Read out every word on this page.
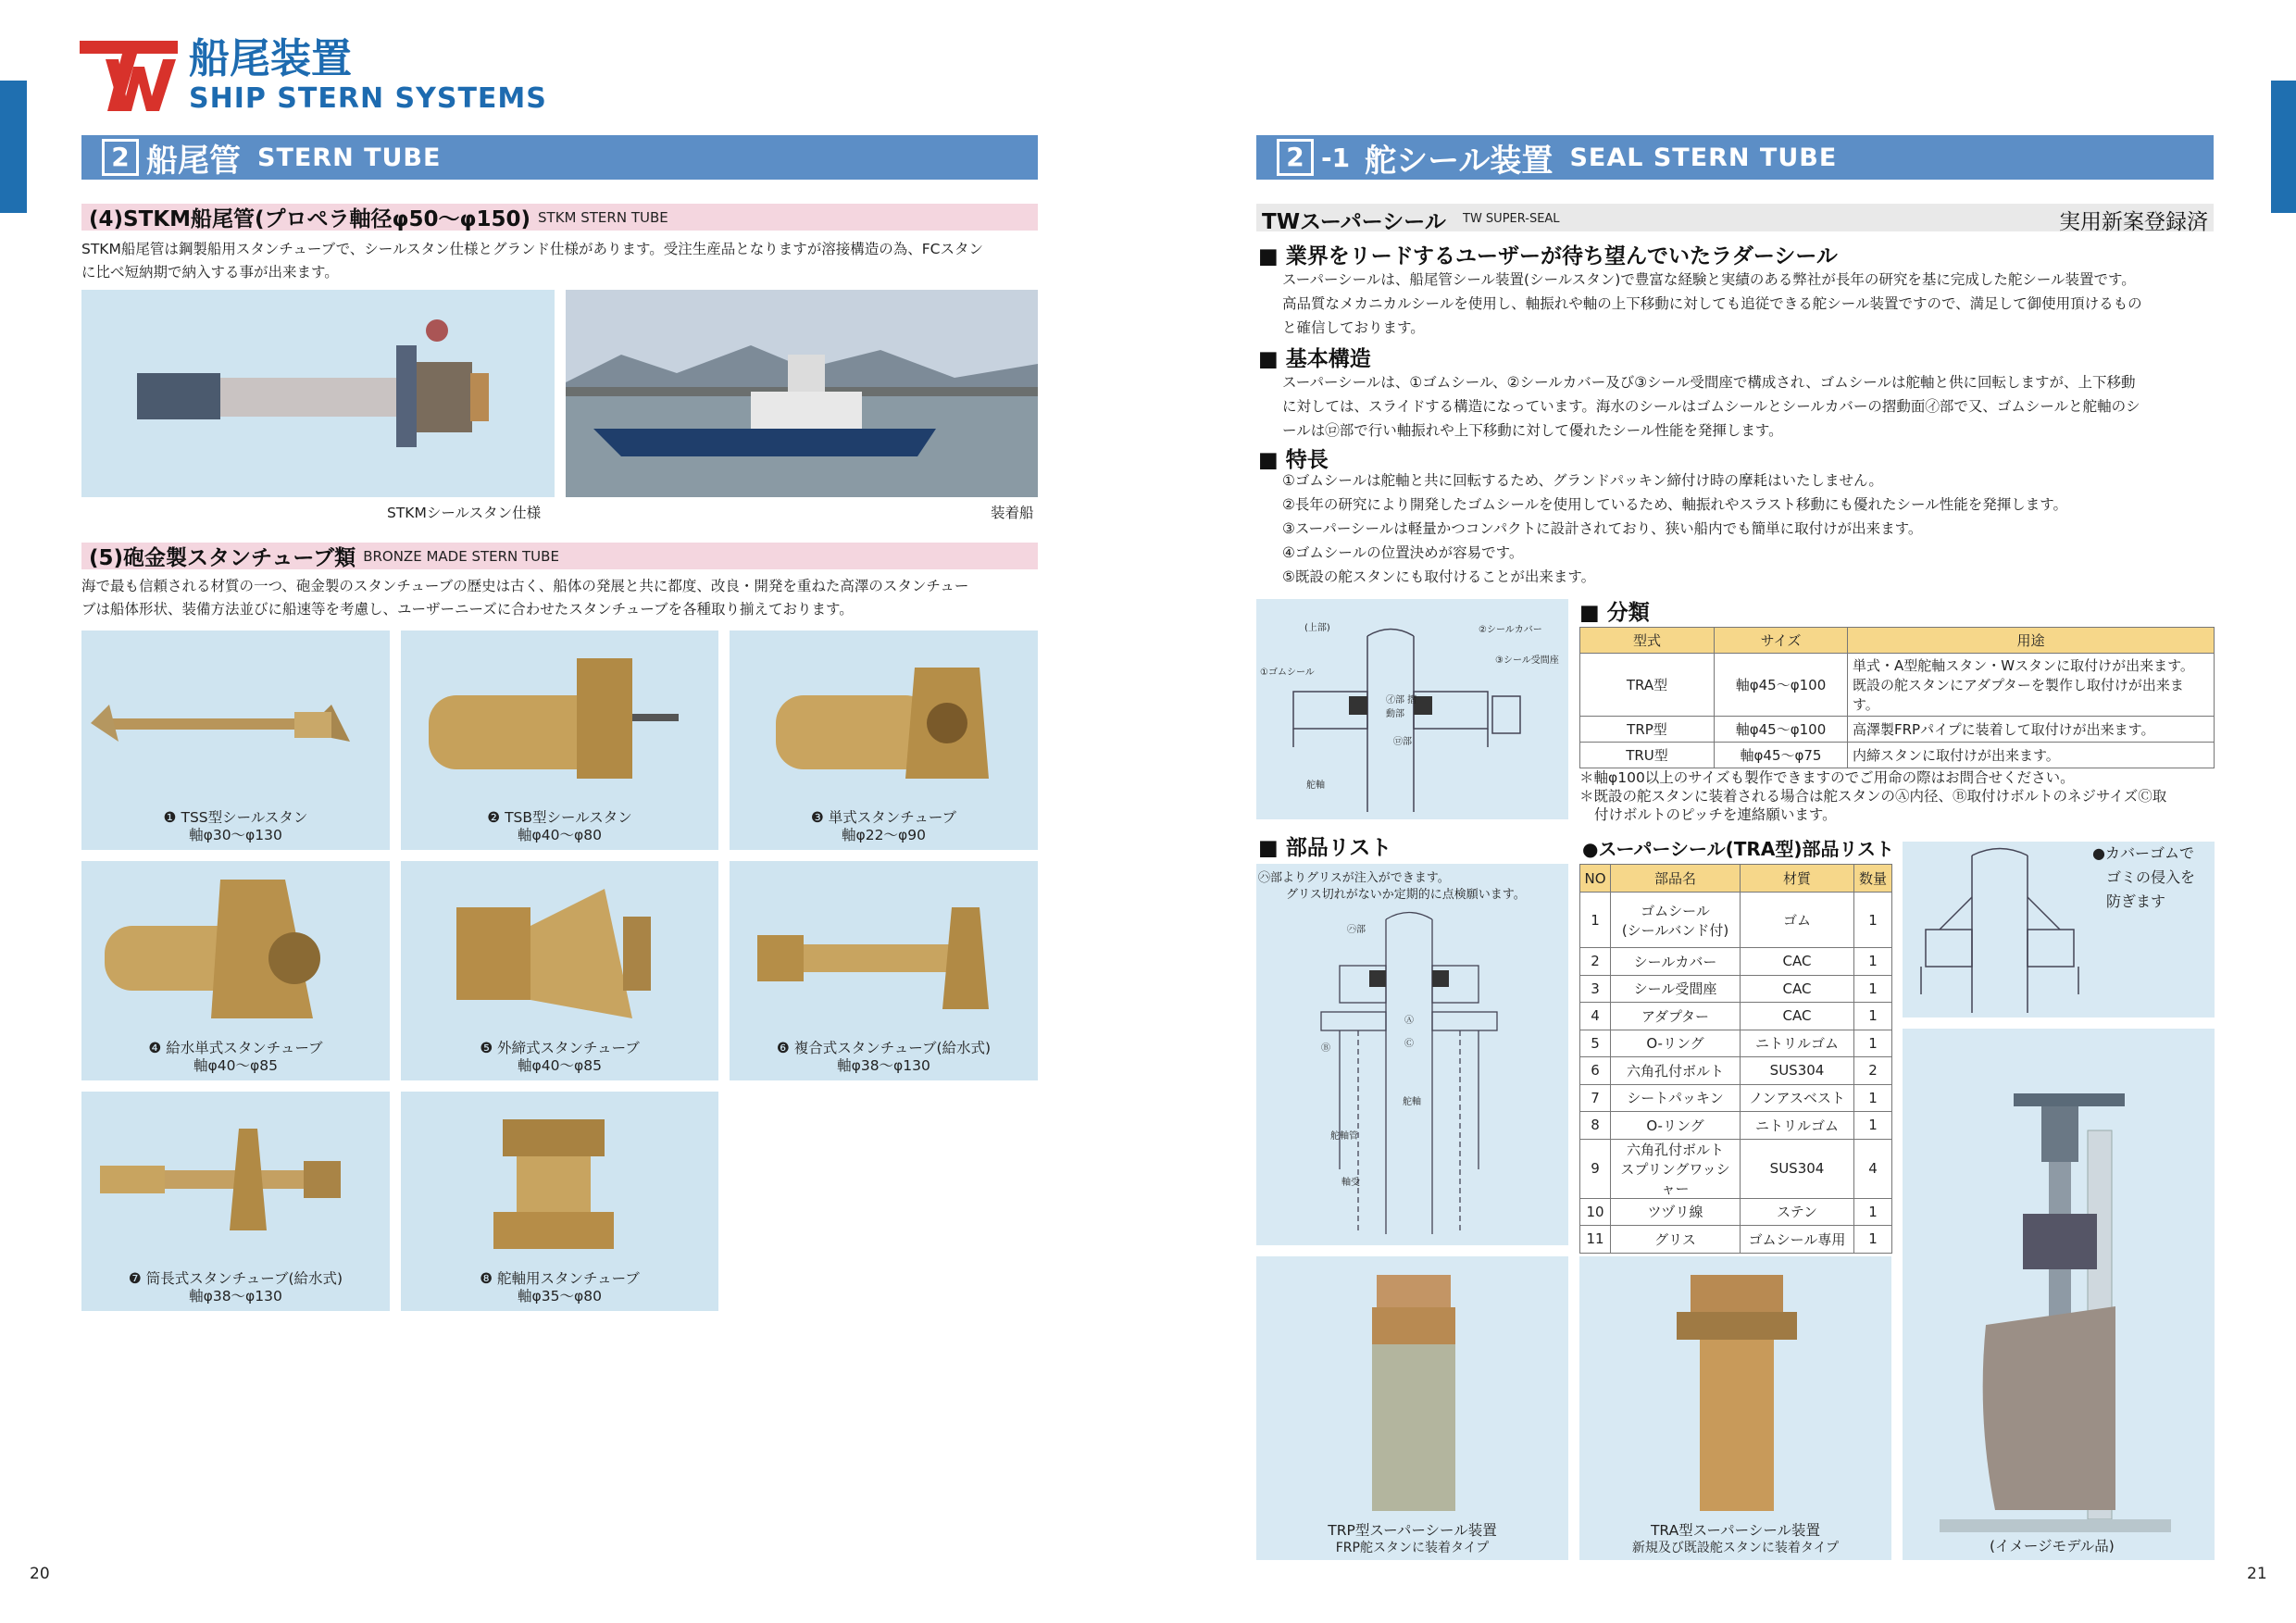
船尾装置
SHIP STERN SYSTEMS
2 船尾管 STERN TUBE
(4)STKM船尾管(プロペラ軸径φ50〜φ150) STKM STERN TUBE
STKM船尾管は鋼製船用スタンチューブで、シールスタン仕様とグランド仕様があります。受注生産品となりますが溶接構造の為、FCスタン
に比べ短納期で納入する事が出来ます。
STKMシールスタン仕様	装着船
(5)砲金製スタンチューブ類 BRONZE MADE STERN TUBE
海で最も信頼される材質の一つ、砲金製のスタンチューブの歴史は古く、船体の発展と共に都度、改良・開発を重ねた高澤のスタンチュー
ブは船体形状、装備方法並びに船速等を考慮し、ユーザーニーズに合わせたスタンチューブを各種取り揃えております。
❶ TSS型シールスタン
軸φ30〜φ130
❷ TSB型シールスタン
軸φ40〜φ80
❸ 単式スタンチューブ
軸φ22〜φ90
❹ 給水単式スタンチューブ
軸φ40〜φ85
❺ 外締式スタンチューブ
軸φ40〜φ85
❻ 複合式スタンチューブ(給水式)
軸φ38〜φ130
❼ 筒長式スタンチューブ(給水式)
軸φ38〜φ130
❽ 舵軸用スタンチューブ
軸φ35〜φ80
2 -1 舵シール装置 SEAL STERN TUBE
TWスーパーシール TW SUPER-SEAL	実用新案登録済
■ 業界をリードするユーザーが待ち望んでいたラダーシール
スーパーシールは、船尾管シール装置(シールスタン)で豊富な経験と実績のある弊社が長年の研究を基に完成した舵シール装置です。
高品質なメカニカルシールを使用し、軸振れや軸の上下移動に対しても追従できる舵シール装置ですので、満足して御使用頂けるもの
と確信しております。
■ 基本構造
スーパーシールは、①ゴムシール、②シールカバー及び③シール受間座で構成され、ゴムシールは舵軸と供に回転しますが、上下移動
に対しては、スライドする構造になっています。海水のシールはゴムシールとシールカバーの摺動面㋑部で又、ゴムシールと舵軸のシ
ールは㋺部で行い軸振れや上下移動に対して優れたシール性能を発揮します。
■ 特長
①ゴムシールは舵軸と共に回転するため、グランドパッキン締付け時の摩耗はいたしません。
②長年の研究により開発したゴムシールを使用しているため、軸振れやスラスト移動にも優れたシール性能を発揮します。
③スーパーシールは軽量かつコンパクトに設計されており、狭い船内でも簡単に取付けが出来ます。
④ゴムシールの位置決めが容易です。
⑤既設の舵スタンにも取付けることが出来ます。
(上部)
①ゴムシール
②シールカバー
③シール受間座
㋑部 摺動部
㋺部
舵軸
■ 分類
型式	サイズ	用途
TRA型	軸φ45〜φ100	単式・A型舵軸スタン・Wスタンに取付けが出来ます。
既設の舵スタンにアダプターを製作し取付けが出来ます。

TRP型	軸φ45〜φ100	高澤製FRPパイプに装着して取付けが出来ます。
TRU型	軸φ45〜φ75	内締スタンに取付けが出来ます。
＊軸φ100以上のサイズも製作できますのでご用命の際はお問合せください。
＊既設の舵スタンに装着される場合は舵スタンのⒶ内径、Ⓑ取付けボルトのネジサイズⒸ取
付けボルトのピッチを連絡願います。
■ 部品リスト
㋩部よりグリスが注入ができます。
グリス切れがないか定期的に点検願います。
㋩部
Ⓐ
Ⓑ	Ⓒ
舵軸
舵軸管
軸受
●スーパーシール(TRA型)部品リスト
NO	部品名	材質	数量
1	ゴムシール
(シールバンド付)	ゴム	1
2	シールカバー	CAC	1
3	シール受間座	CAC	1
4	アダプター	CAC	1
5	O-リング	ニトリルゴム	1
6	六角孔付ボルト	SUS304	2
7	シートパッキン	ノンアスベスト	1
8	O-リング	ニトリルゴム	1
9	六角孔付ボルト
スプリングワッシャー	SUS304	4
10	ツヅリ線	ステン	1
11	グリス	ゴムシール専用	1
●カバーゴムで
ゴミの侵入を
防ぎます
(イメージモデル品)
TRP型スーパーシール装置
FRP舵スタンに装着タイプ
TRA型スーパーシール装置
新規及び既設舵スタンに装着タイプ
20	21
